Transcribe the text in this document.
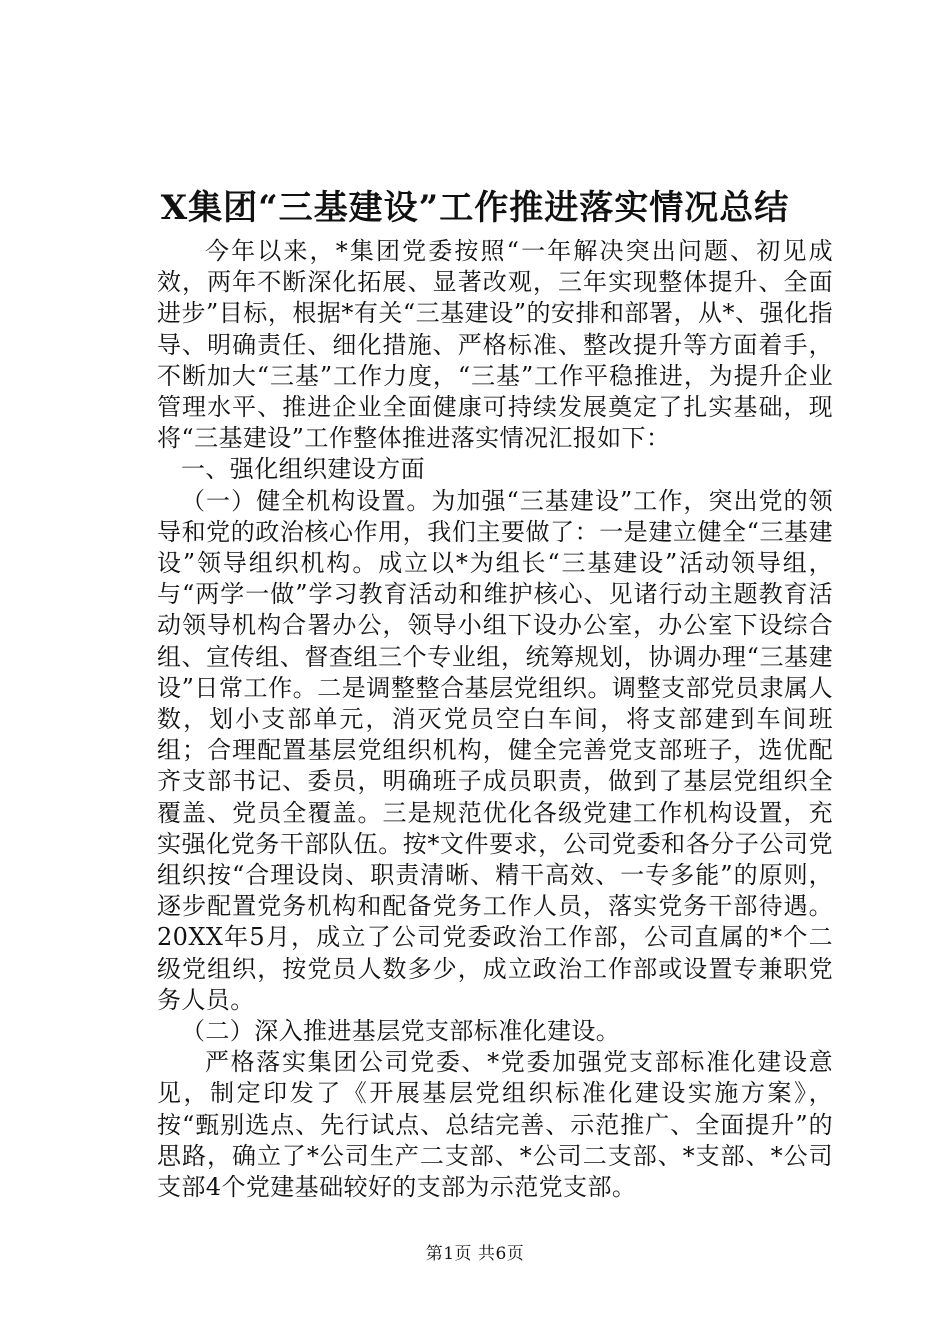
X集团“三基建设”工作推进落实情况总结

今年以来，*集团党委按照“一年解决突出问题、初见成效，两年不断深化拓展、显著改观，三年实现整体提升、全面进步”目标，根据*有关“三基建设”的安排和部署，从*、强化指导、明确责任、细化措施、严格标准、整改提升等方面着手，不断加大“三基”工作力度，“三基”工作平稳推进，为提升企业管理水平、推进企业全面健康可持续发展奠定了扎实基础，现将“三基建设”工作整体推进落实情况汇报如下：

一、强化组织建设方面

（一）健全机构设置。为加强“三基建设”工作，突出党的领导和党的政治核心作用，我们主要做了：一是建立健全“三基建设”领导组织机构。成立以*为组长“三基建设”活动领导组，与“两学一做”学习教育活动和维护核心、见诸行动主题教育活动领导机构合署办公，领导小组下设办公室，办公室下设综合组、宣传组、督查组三个专业组，统筹规划，协调办理“三基建设”日常工作。二是调整整合基层党组织。调整支部党员隶属人数，划小支部单元，消灭党员空白车间，将支部建到车间班组；合理配置基层党组织机构，健全完善党支部班子，选优配齐支部书记、委员，明确班子成员职责，做到了基层党组织全覆盖、党员全覆盖。三是规范优化各级党建工作机构设置，充实强化党务干部队伍。按*文件要求，公司党委和各分子公司党组织按“合理设岗、职责清晰、精干高效、一专多能”的原则，逐步配置党务机构和配备党务工作人员，落实党务干部待遇。20XX年5月，成立了公司党委政治工作部，公司直属的*个二级党组织，按党员人数多少，成立政治工作部或设置专兼职党务人员。

（二）深入推进基层党支部标准化建设。

严格落实集团公司党委、*党委加强党支部标准化建设意见，制定印发了《开展基层党组织标准化建设实施方案》，按“甄别选点、先行试点、总结完善、示范推广、全面提升”的思路，确立了*公司生产二支部、*公司二支部、*支部、*公司支部4个党建基础较好的支部为示范党支部。

第1页 共6页
